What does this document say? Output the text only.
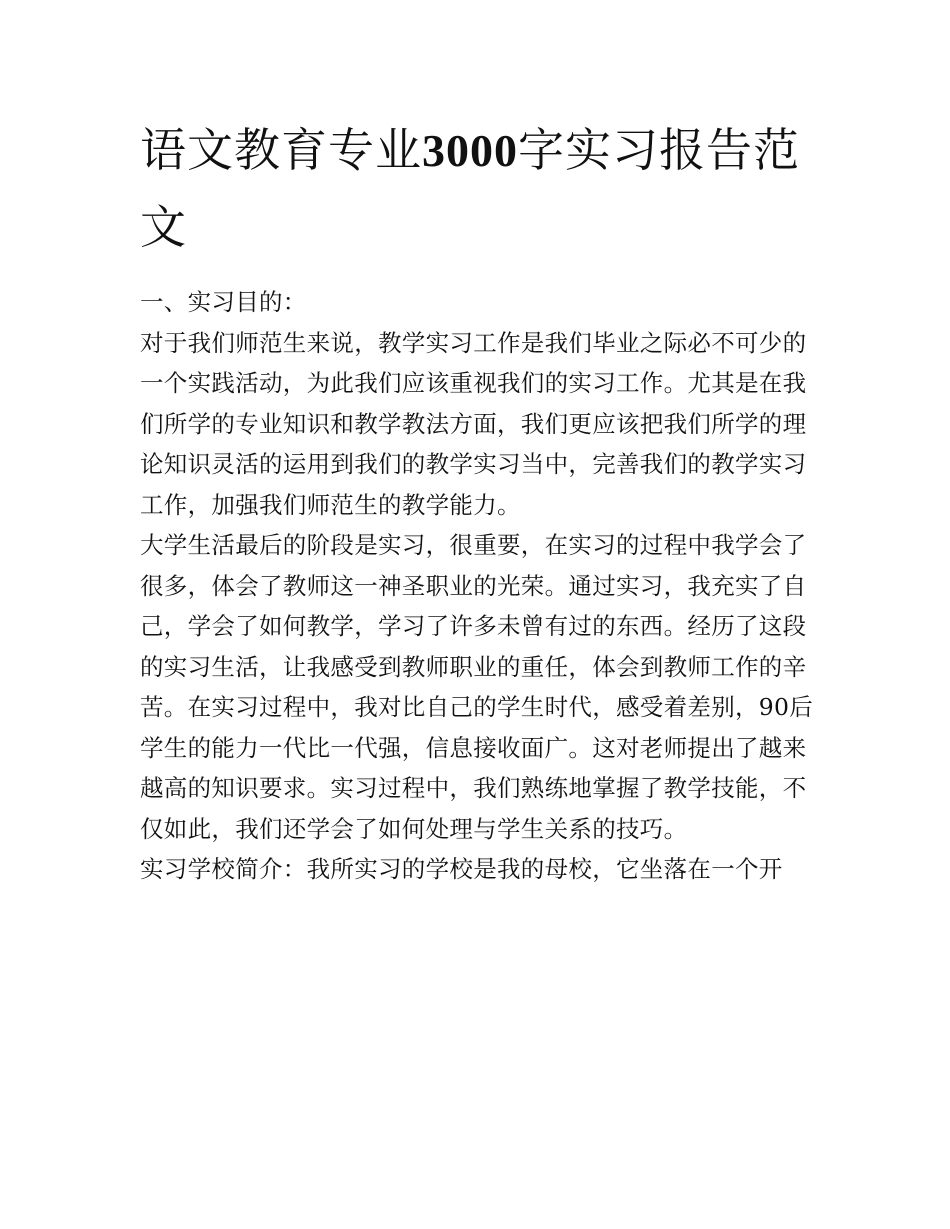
语文教育专业3000字实习报告范文

一、实习目的：

对于我们师范生来说，教学实习工作是我们毕业之际必不可少的一个实践活动，为此我们应该重视我们的实习工作。尤其是在我们所学的专业知识和教学教法方面，我们更应该把我们所学的理论知识灵活的运用到我们的教学实习当中，完善我们的教学实习工作，加强我们师范生的教学能力。

大学生活最后的阶段是实习，很重要，在实习的过程中我学会了很多，体会了教师这一神圣职业的光荣。通过实习，我充实了自己，学会了如何教学，学习了许多未曾有过的东西。经历了这段的实习生活，让我感受到教师职业的重任，体会到教师工作的辛苦。在实习过程中，我对比自己的学生时代，感受着差别，90后学生的能力一代比一代强，信息接收面广。这对老师提出了越来越高的知识要求。实习过程中，我们熟练地掌握了教学技能，不仅如此，我们还学会了如何处理与学生关系的技巧。

实习学校简介：我所实习的学校是我的母校，它坐落在一个开
